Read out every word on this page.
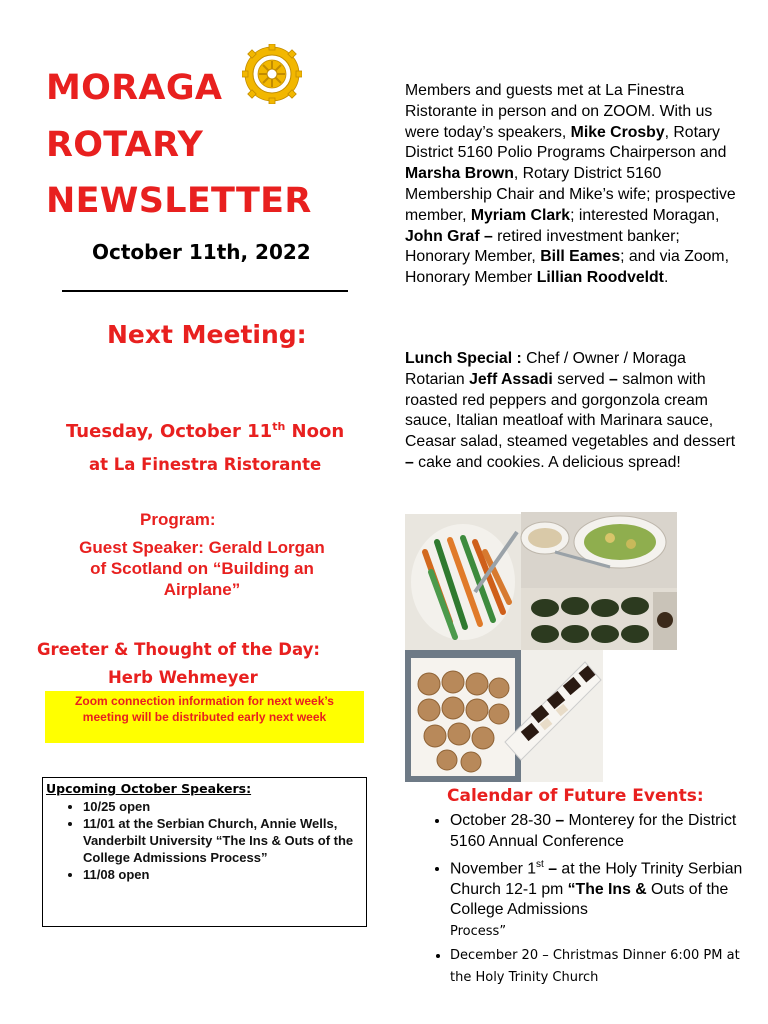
MORAGA
ROTARY
NEWSLETTER
October 11th, 2022
Next Meeting:
Tuesday, October 11th Noon
at La Finestra Ristorante
Program:
Guest Speaker: Gerald Lorgan
of Scotland on “Building an
Airplane”
Greeter & Thought of the Day:
Herb Wehmeyer
Zoom connection information for next week’s
meeting will be distributed early next week
Upcoming October Speakers:
• 10/25 open
• 11/01 at the Serbian Church, Annie Wells, Vanderbilt University “The Ins & Outs of the College Admissions Process”
• 11/08 open
Members and guests met at La Finestra Ristorante in person and on ZOOM. With us were today’s speakers, Mike Crosby, Rotary District 5160 Polio Programs Chairperson and Marsha Brown, Rotary District 5160 Membership Chair and Mike’s wife; prospective member, Myriam Clark; interested Moragan, John Graf – retired investment banker; Honorary Member, Bill Eames; and via Zoom, Honorary Member Lillian Roodveldt.
Lunch Special : Chef / Owner / Moraga Rotarian Jeff Assadi served – salmon with roasted red peppers and gorgonzola cream sauce, Italian meatloaf with Marinara sauce, Ceasar salad, steamed vegetables and dessert – cake and cookies. A delicious spread!
Calendar of Future Events:
• October 28-30 – Monterey for the District 5160 Annual Conference
• November 1st – at the Holy Trinity Serbian Church 12-1 pm “The Ins & Outs of the College Admissions
Process”
• December 20 – Christmas Dinner 6:00 PM at the Holy Trinity Church
